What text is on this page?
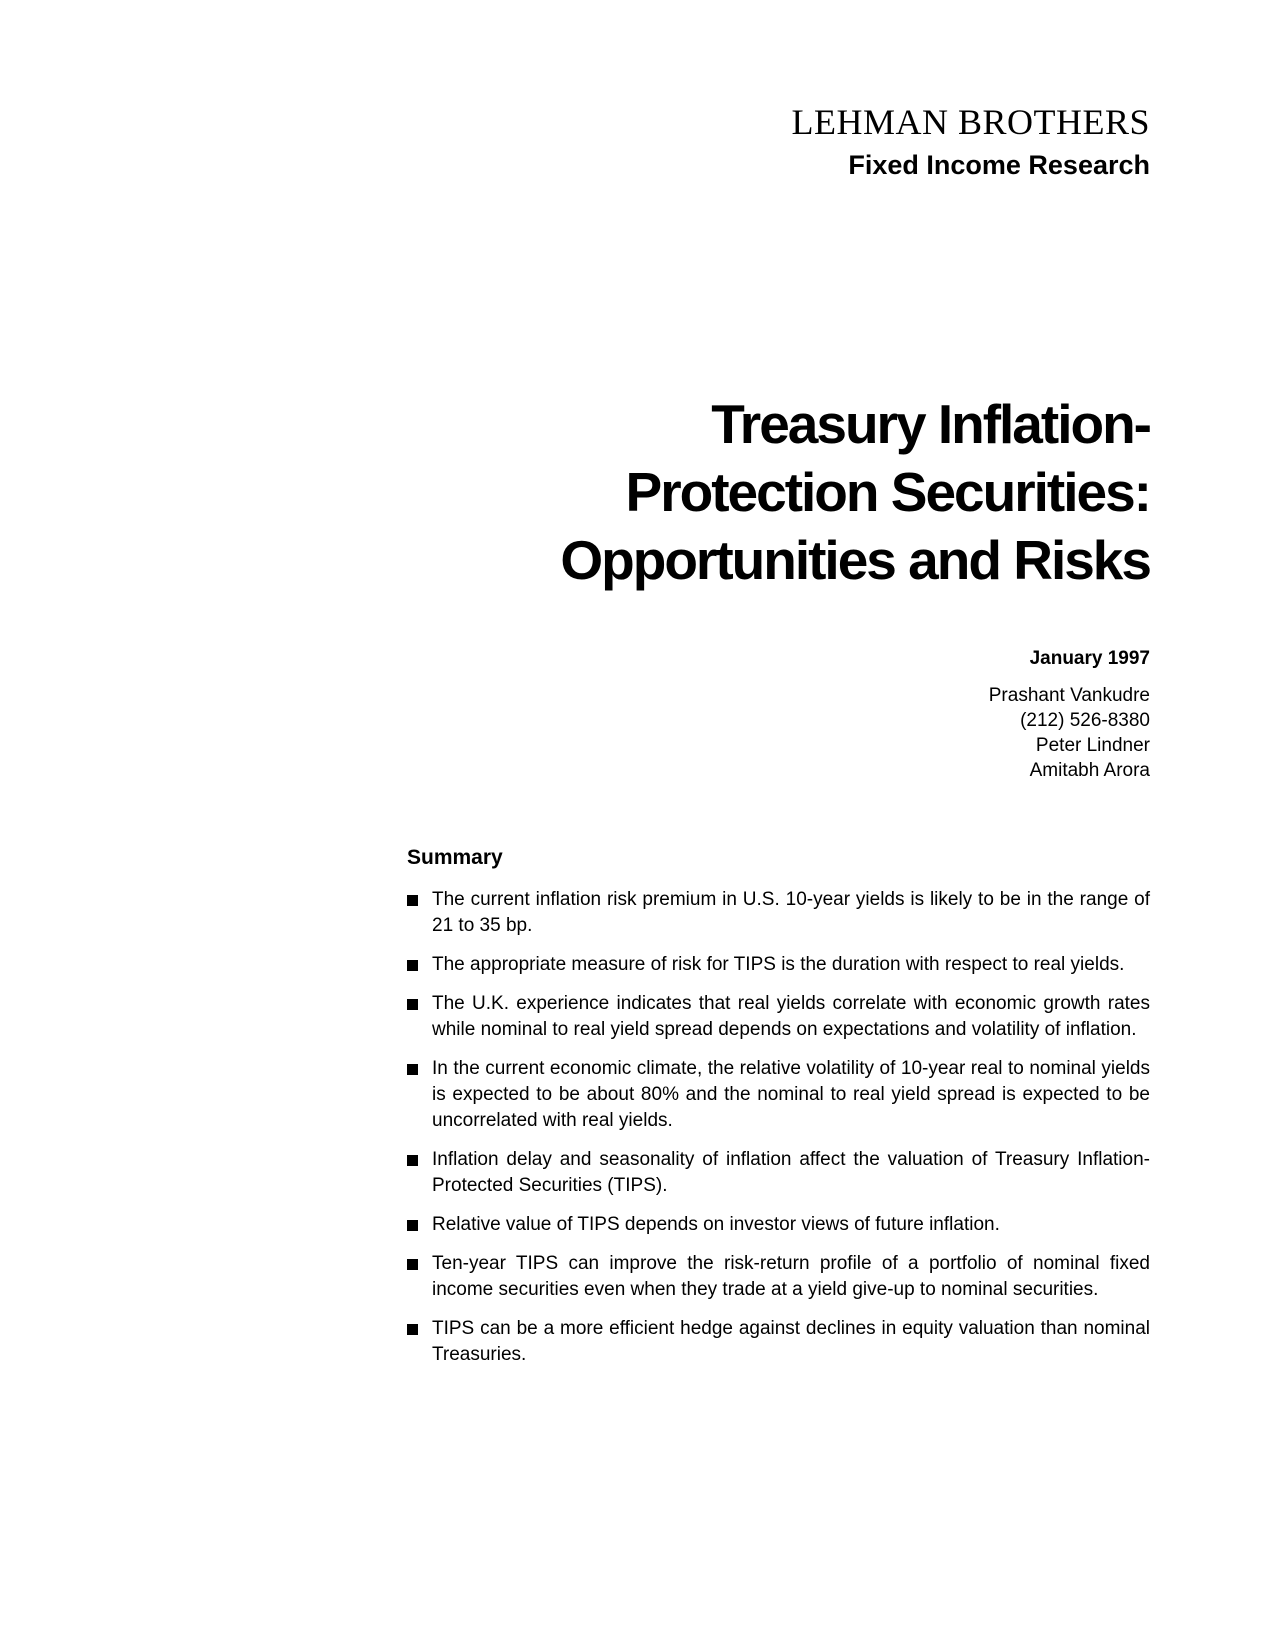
LEHMAN BROTHERS
Fixed Income Research
Treasury Inflation-
Protection Securities:
Opportunities and Risks
January 1997
Prashant Vankudre
(212) 526-8380
Peter Lindner
Amitabh Arora
Summary
The current inflation risk premium in U.S. 10-year yields is likely to be in the range of 21 to 35 bp.
The appropriate measure of risk for TIPS is the duration with respect to real yields.
The U.K. experience indicates that real yields correlate with economic growth rates while nominal to real yield spread depends on expectations and volatility of inflation.
In the current economic climate, the relative volatility of 10-year real to nominal yields is expected to be about 80% and the nominal to real yield spread is expected to be uncorrelated with real yields.
Inflation delay and seasonality of inflation affect the valuation of Treasury Inflation-Protected Securities (TIPS).
Relative value of TIPS depends on investor views of future inflation.
Ten-year TIPS can improve the risk-return profile of a portfolio of nominal fixed income securities even when they trade at a yield give-up to nominal securities.
TIPS can be a more efficient hedge against declines in equity valuation than nominal Treasuries.
